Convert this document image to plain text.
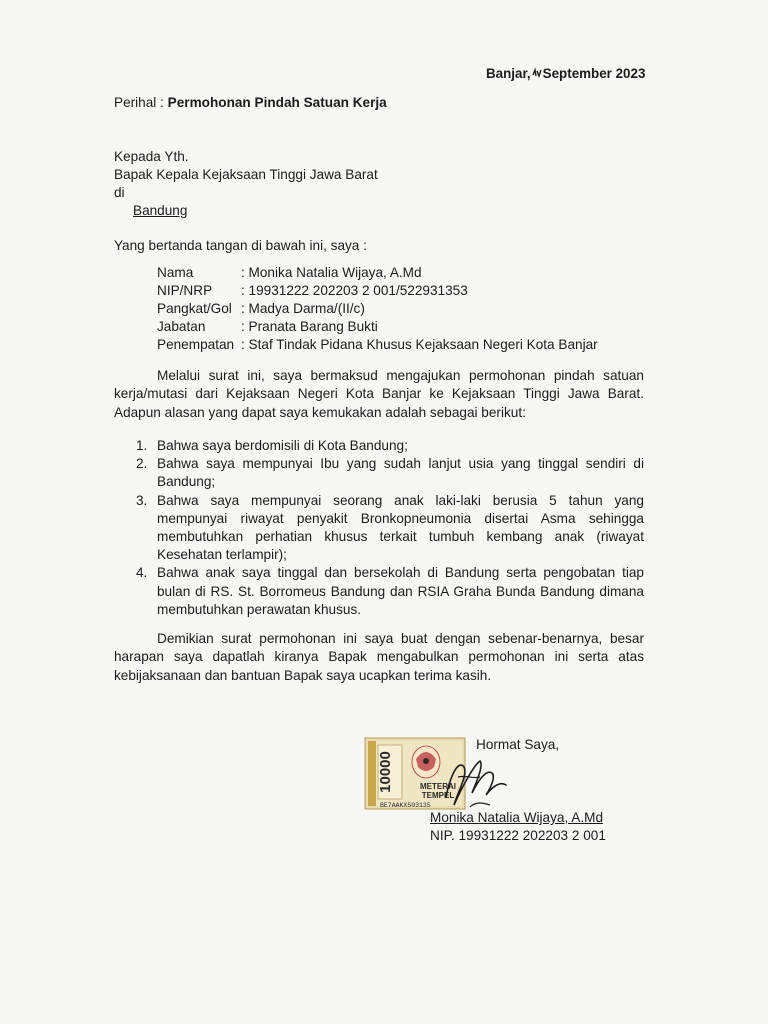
Banjar, September 2023
Perihal : Permohonan Pindah Satuan Kerja
Kepada Yth.
Bapak Kepala Kejaksaan Tinggi Jawa Barat
di
Bandung
Yang bertanda tangan di bawah ini, saya :
Nama	: Monika Natalia Wijaya, A.Md
NIP/NRP	: 19931222 202203 2 001/522931353
Pangkat/Gol	: Madya Darma/(II/c)
Jabatan	: Pranata Barang Bukti
Penempatan	: Staf Tindak Pidana Khusus Kejaksaan Negeri Kota Banjar
Melalui surat ini, saya bermaksud mengajukan permohonan pindah satuan kerja/mutasi dari Kejaksaan Negeri Kota Banjar ke Kejaksaan Tinggi Jawa Barat. Adapun alasan yang dapat saya kemukakan adalah sebagai berikut:
1. Bahwa saya berdomisili di Kota Bandung;
2. Bahwa saya mempunyai Ibu yang sudah lanjut usia yang tinggal sendiri di Bandung;
3. Bahwa saya mempunyai seorang anak laki-laki berusia 5 tahun yang mempunyai riwayat penyakit Bronkopneumonia disertai Asma sehingga membutuhkan perhatian khusus terkait tumbuh kembang anak (riwayat Kesehatan terlampir);
4. Bahwa anak saya tinggal dan bersekolah di Bandung serta pengobatan tiap bulan di RS. St. Borromeus Bandung dan RSIA Graha Bunda Bandung dimana membutuhkan perawatan khusus.
Demikian surat permohonan ini saya buat dengan sebenar-benarnya, besar harapan saya dapatlah kiranya Bapak mengabulkan permohonan ini serta atas kebijaksanaan dan bantuan Bapak saya ucapkan terima kasih.
Hormat Saya,
10000	METERAI
TEMPEL
BE7AAKX503135
Monika Natalia Wijaya, A.Md
NIP. 19931222 202203 2 001
